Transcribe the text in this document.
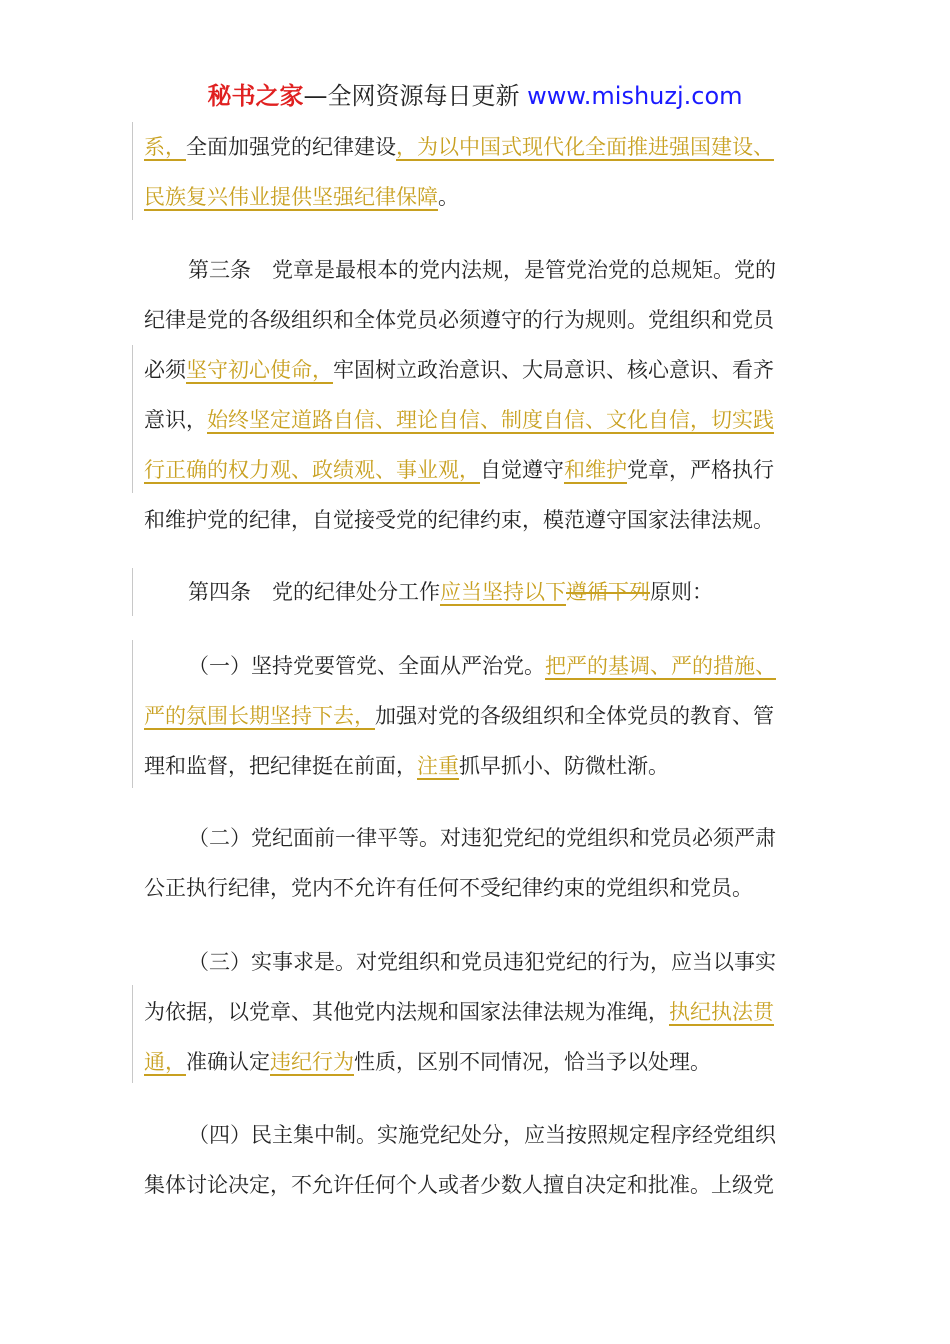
秘书之家—全网资源每日更新 www.mishuzj.com
系，全面加强党的纪律建设，为以中国式现代化全面推进强国建设、
民族复兴伟业提供坚强纪律保障。
第三条　党章是最根本的党内法规，是管党治党的总规矩。党的
纪律是党的各级组织和全体党员必须遵守的行为规则。党组织和党员
必须坚守初心使命，牢固树立政治意识、大局意识、核心意识、看齐
意识，始终坚定道路自信、理论自信、制度自信、文化自信，切实践
行正确的权力观、政绩观、事业观，自觉遵守和维护党章，严格执行
和维护党的纪律，自觉接受党的纪律约束，模范遵守国家法律法规。
第四条　党的纪律处分工作应当坚持以下遵循下列原则：
（一）坚持党要管党、全面从严治党。把严的基调、严的措施、
严的氛围长期坚持下去，加强对党的各级组织和全体党员的教育、管
理和监督，把纪律挺在前面，注重抓早抓小、防微杜渐。
（二）党纪面前一律平等。对违犯党纪的党组织和党员必须严肃
公正执行纪律，党内不允许有任何不受纪律约束的党组织和党员。
（三）实事求是。对党组织和党员违犯党纪的行为，应当以事实
为依据，以党章、其他党内法规和国家法律法规为准绳，执纪执法贯
通，准确认定违纪行为性质，区别不同情况，恰当予以处理。
（四）民主集中制。实施党纪处分，应当按照规定程序经党组织
集体讨论决定，不允许任何个人或者少数人擅自决定和批准。上级党
